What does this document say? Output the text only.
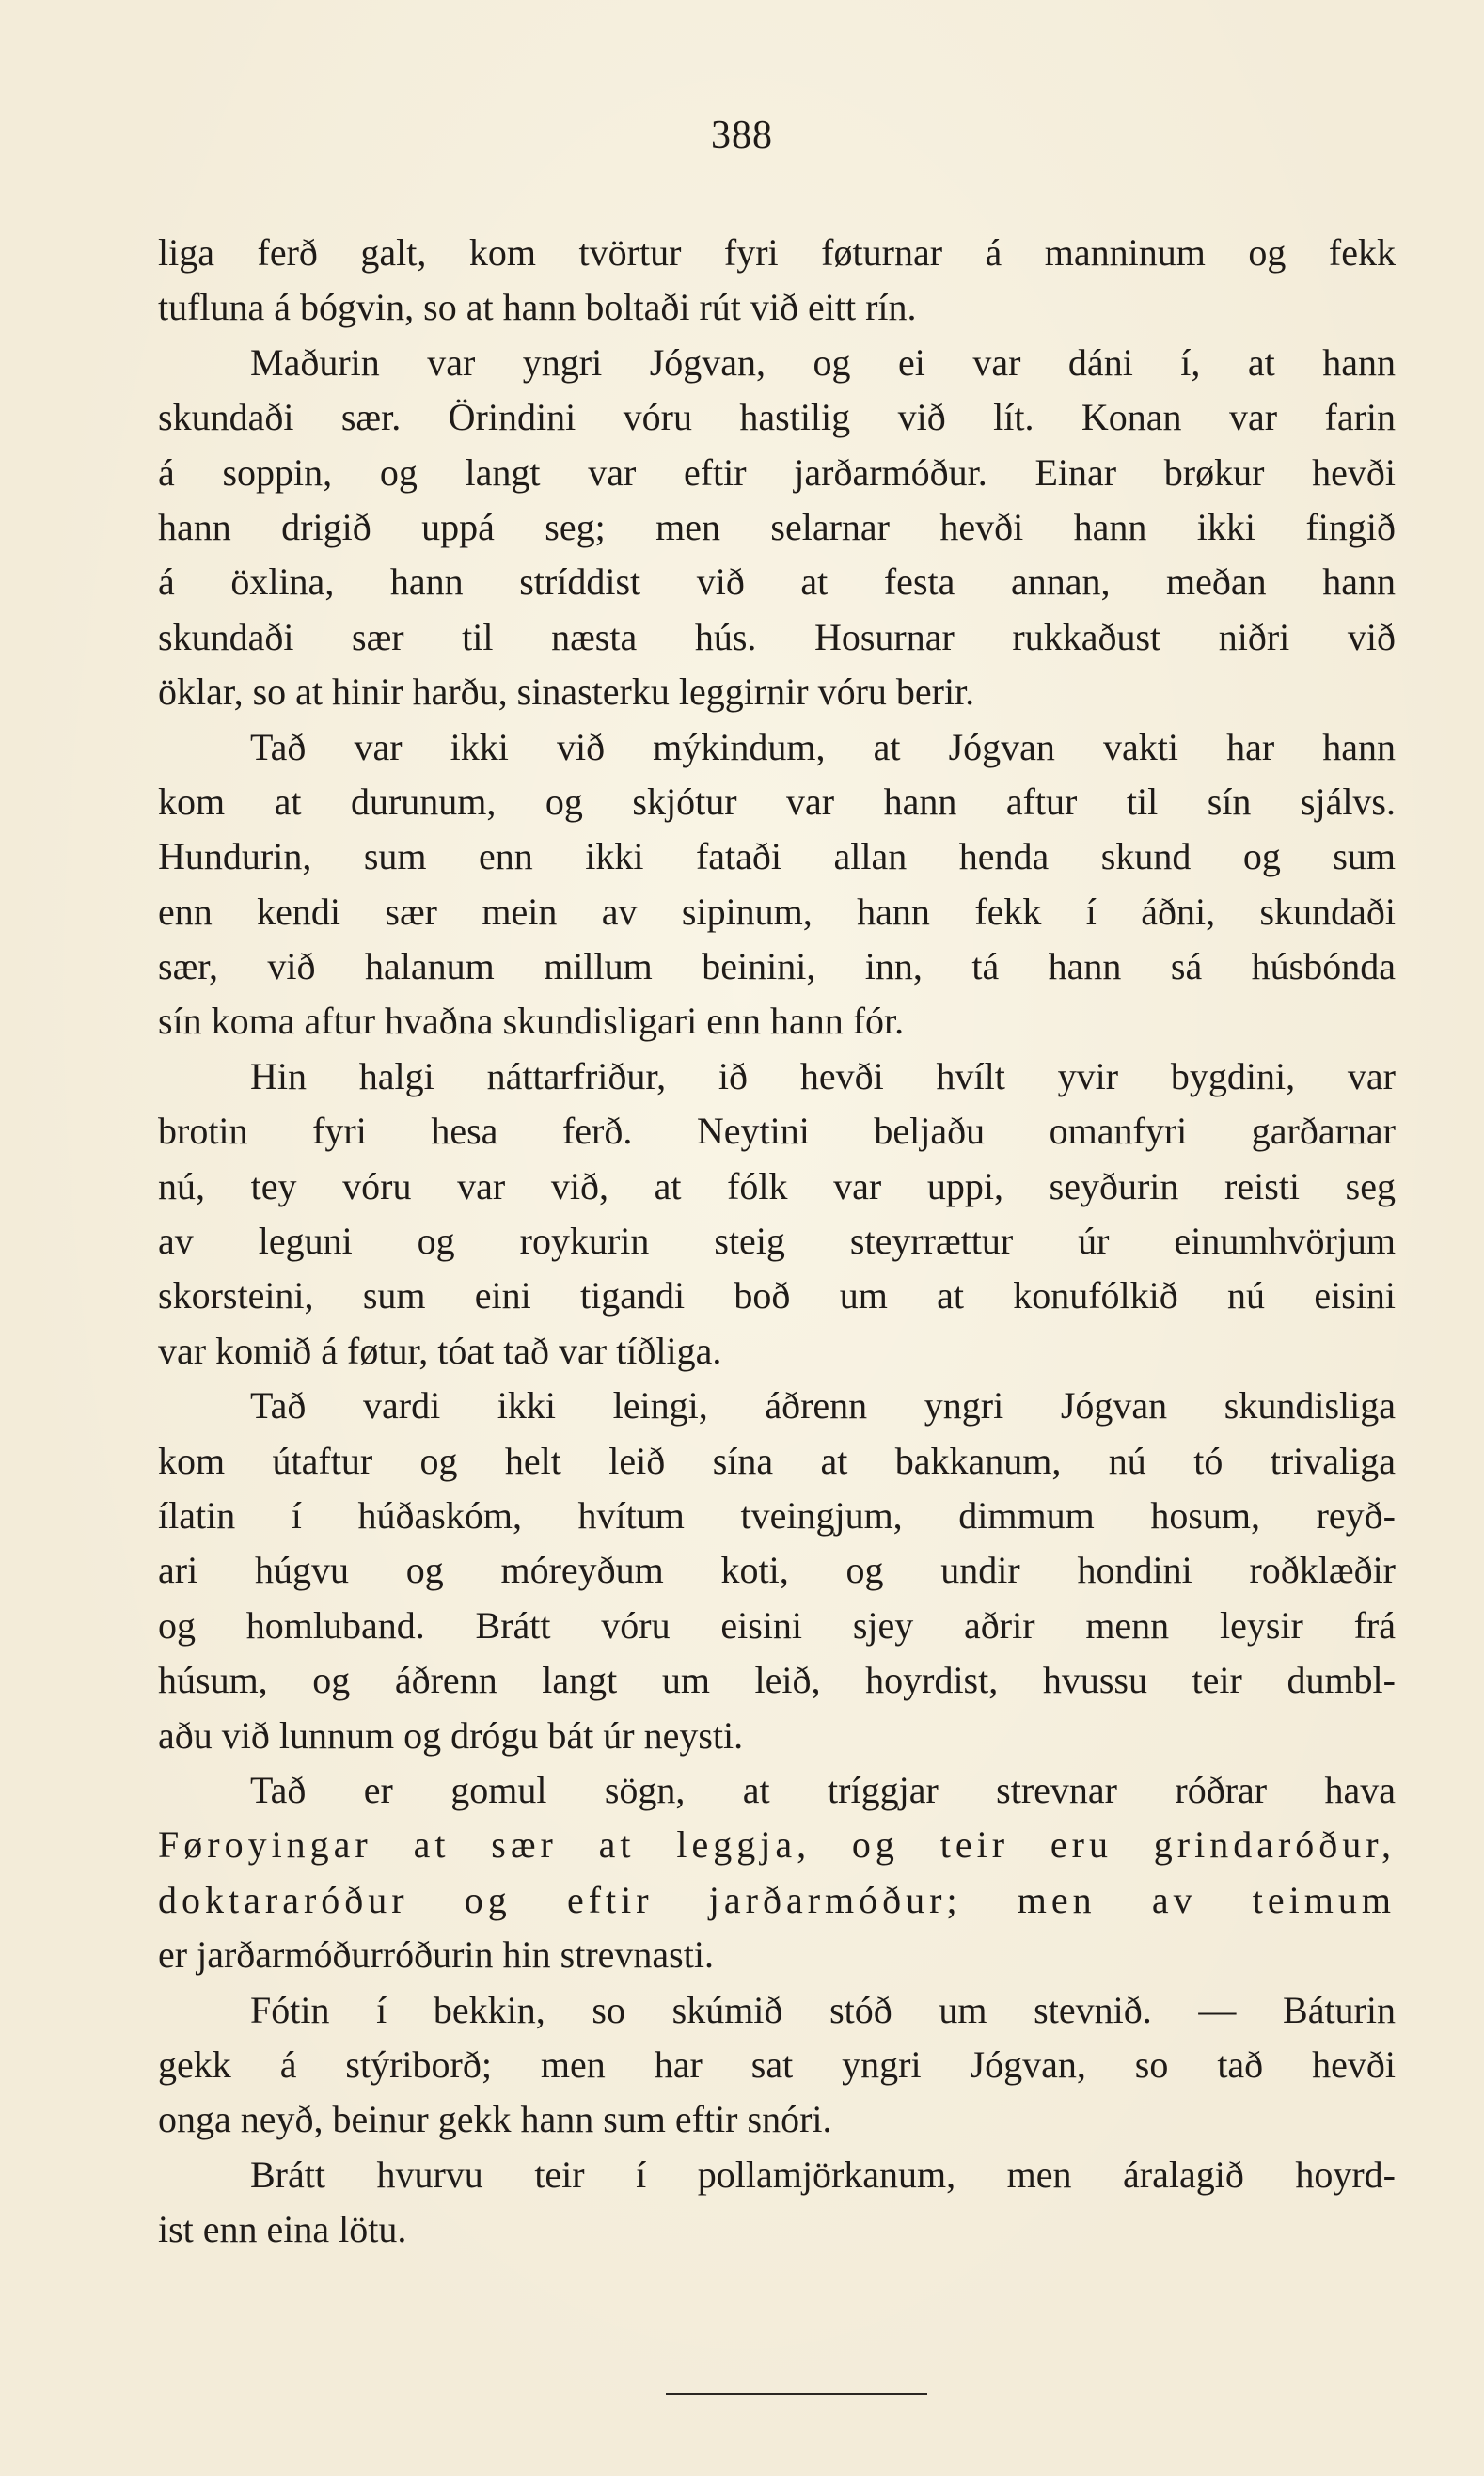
388
liga ferð galt, kom tvörtur fyri føturnar á manninum og fekk
tufluna á bógvin, so at hann boltaði rút við eitt rín.
Maðurin var yngri Jógvan, og ei var dáni í, at hann
skundaði sær. Örindini vóru hastilig við lít. Konan var farin
á soppin, og langt var eftir jarðarmóður. Einar brøkur hevði
hann drigið uppá seg; men selarnar hevði hann ikki fingið
á öxlina, hann stríddist við at festa annan, meðan hann
skundaði sær til næsta hús. Hosurnar rukkaðust niðri við
öklar, so at hinir harðu, sinasterku leggirnir vóru berir.
Tað var ikki við mýkindum, at Jógvan vakti har hann
kom at durunum, og skjótur var hann aftur til sín sjálvs.
Hundurin, sum enn ikki fataði allan henda skund og sum
enn kendi sær mein av sipinum, hann fekk í áðni, skundaði
sær, við halanum millum beinini, inn, tá hann sá húsbónda
sín koma aftur hvaðna skundisligari enn hann fór.
Hin halgi náttarfriður, ið hevði hvílt yvir bygdini, var
brotin fyri hesa ferð. Neytini beljaðu omanfyri garðarnar
nú, tey vóru var við, at fólk var uppi, seyðurin reisti seg
av leguni og roykurin steig steyrrættur úr einumhvörjum
skorsteini, sum eini tigandi boð um at konufólkið nú eisini
var komið á føtur, tóat tað var tíðliga.
Tað vardi ikki leingi, áðrenn yngri Jógvan skundisliga
kom útaftur og helt leið sína at bakkanum, nú tó trivaliga
ílatin í húðaskóm, hvítum tveingjum, dimmum hosum, reyð-
ari húgvu og móreyðum koti, og undir hondini roðklæðir
og homluband. Brátt vóru eisini sjey aðrir menn leysir frá
húsum, og áðrenn langt um leið, hoyrdist, hvussu teir dumbl-
aðu við lunnum og drógu bát úr neysti.
Tað er gomul sögn, at tríggjar strevnar róðrar hava
Føroyingar at sær at leggja, og teir eru grindaróður,
doktararóður og eftir jarðarmóður; men av teimum
er jarðarmóðurróðurin hin strevnasti.
Fótin í bekkin, so skúmið stóð um stevnið. — Báturin
gekk á stýriborð; men har sat yngri Jógvan, so tað hevði
onga neyð, beinur gekk hann sum eftir snóri.
Brátt hvurvu teir í pollamjörkanum, men áralagið hoyrd-
ist enn eina lötu.
